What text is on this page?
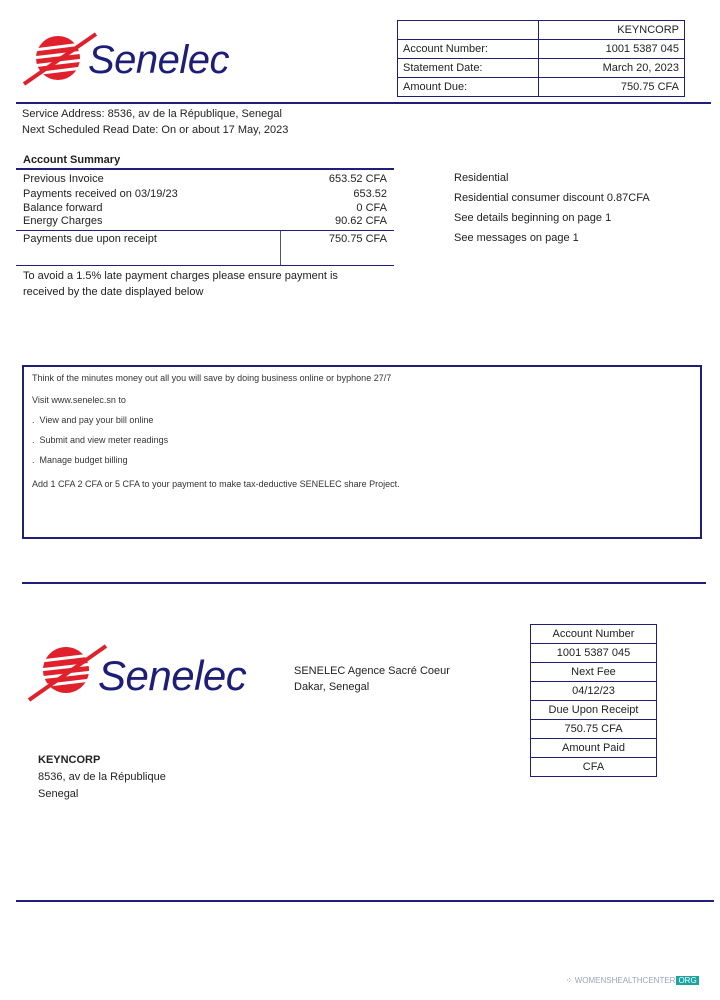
Senelec
	KEYNCORP
Account Number:	1001 5387 045
Statement Date:	March 20, 2023
Amount Due:	750.75 CFA
Service Address: 8536, av de la République, Senegal
Next Scheduled Read Date: On or about 17 May, 2023
Account Summary
Previous Invoice	653.52 CFA
Payments received on 03/19/23	653.52
Balance forward	0 CFA
Energy Charges	90.62 CFA
Payments due upon receipt	750.75 CFA
To avoid a 1.5% late payment charges please ensure payment is
received by the date displayed below
Residential
Residential consumer discount 0.87CFA
See details beginning on page 1
See messages on page 1

Think of the minutes money out all you will save by doing business online or byphone 27/7

Visit www.senelec.sn to

.  View and pay your bill online

.  Submit and view meter readings

.  Manage budget billing

Add 1 CFA 2 CFA or 5 CFA to your payment to make tax-deductive SENELEC share Project.

Senelec	SENELEC Agence Sacré Coeur
Dakar, Senegal
KEYNCORP
8536, av de la République
Senegal
Account Number
1001 5387 045
Next Fee
04/12/23
Due Upon Receipt
750.75 CFA
Amount Paid
CFA
⁘ WOMENSHEALTHCENTER ORG
